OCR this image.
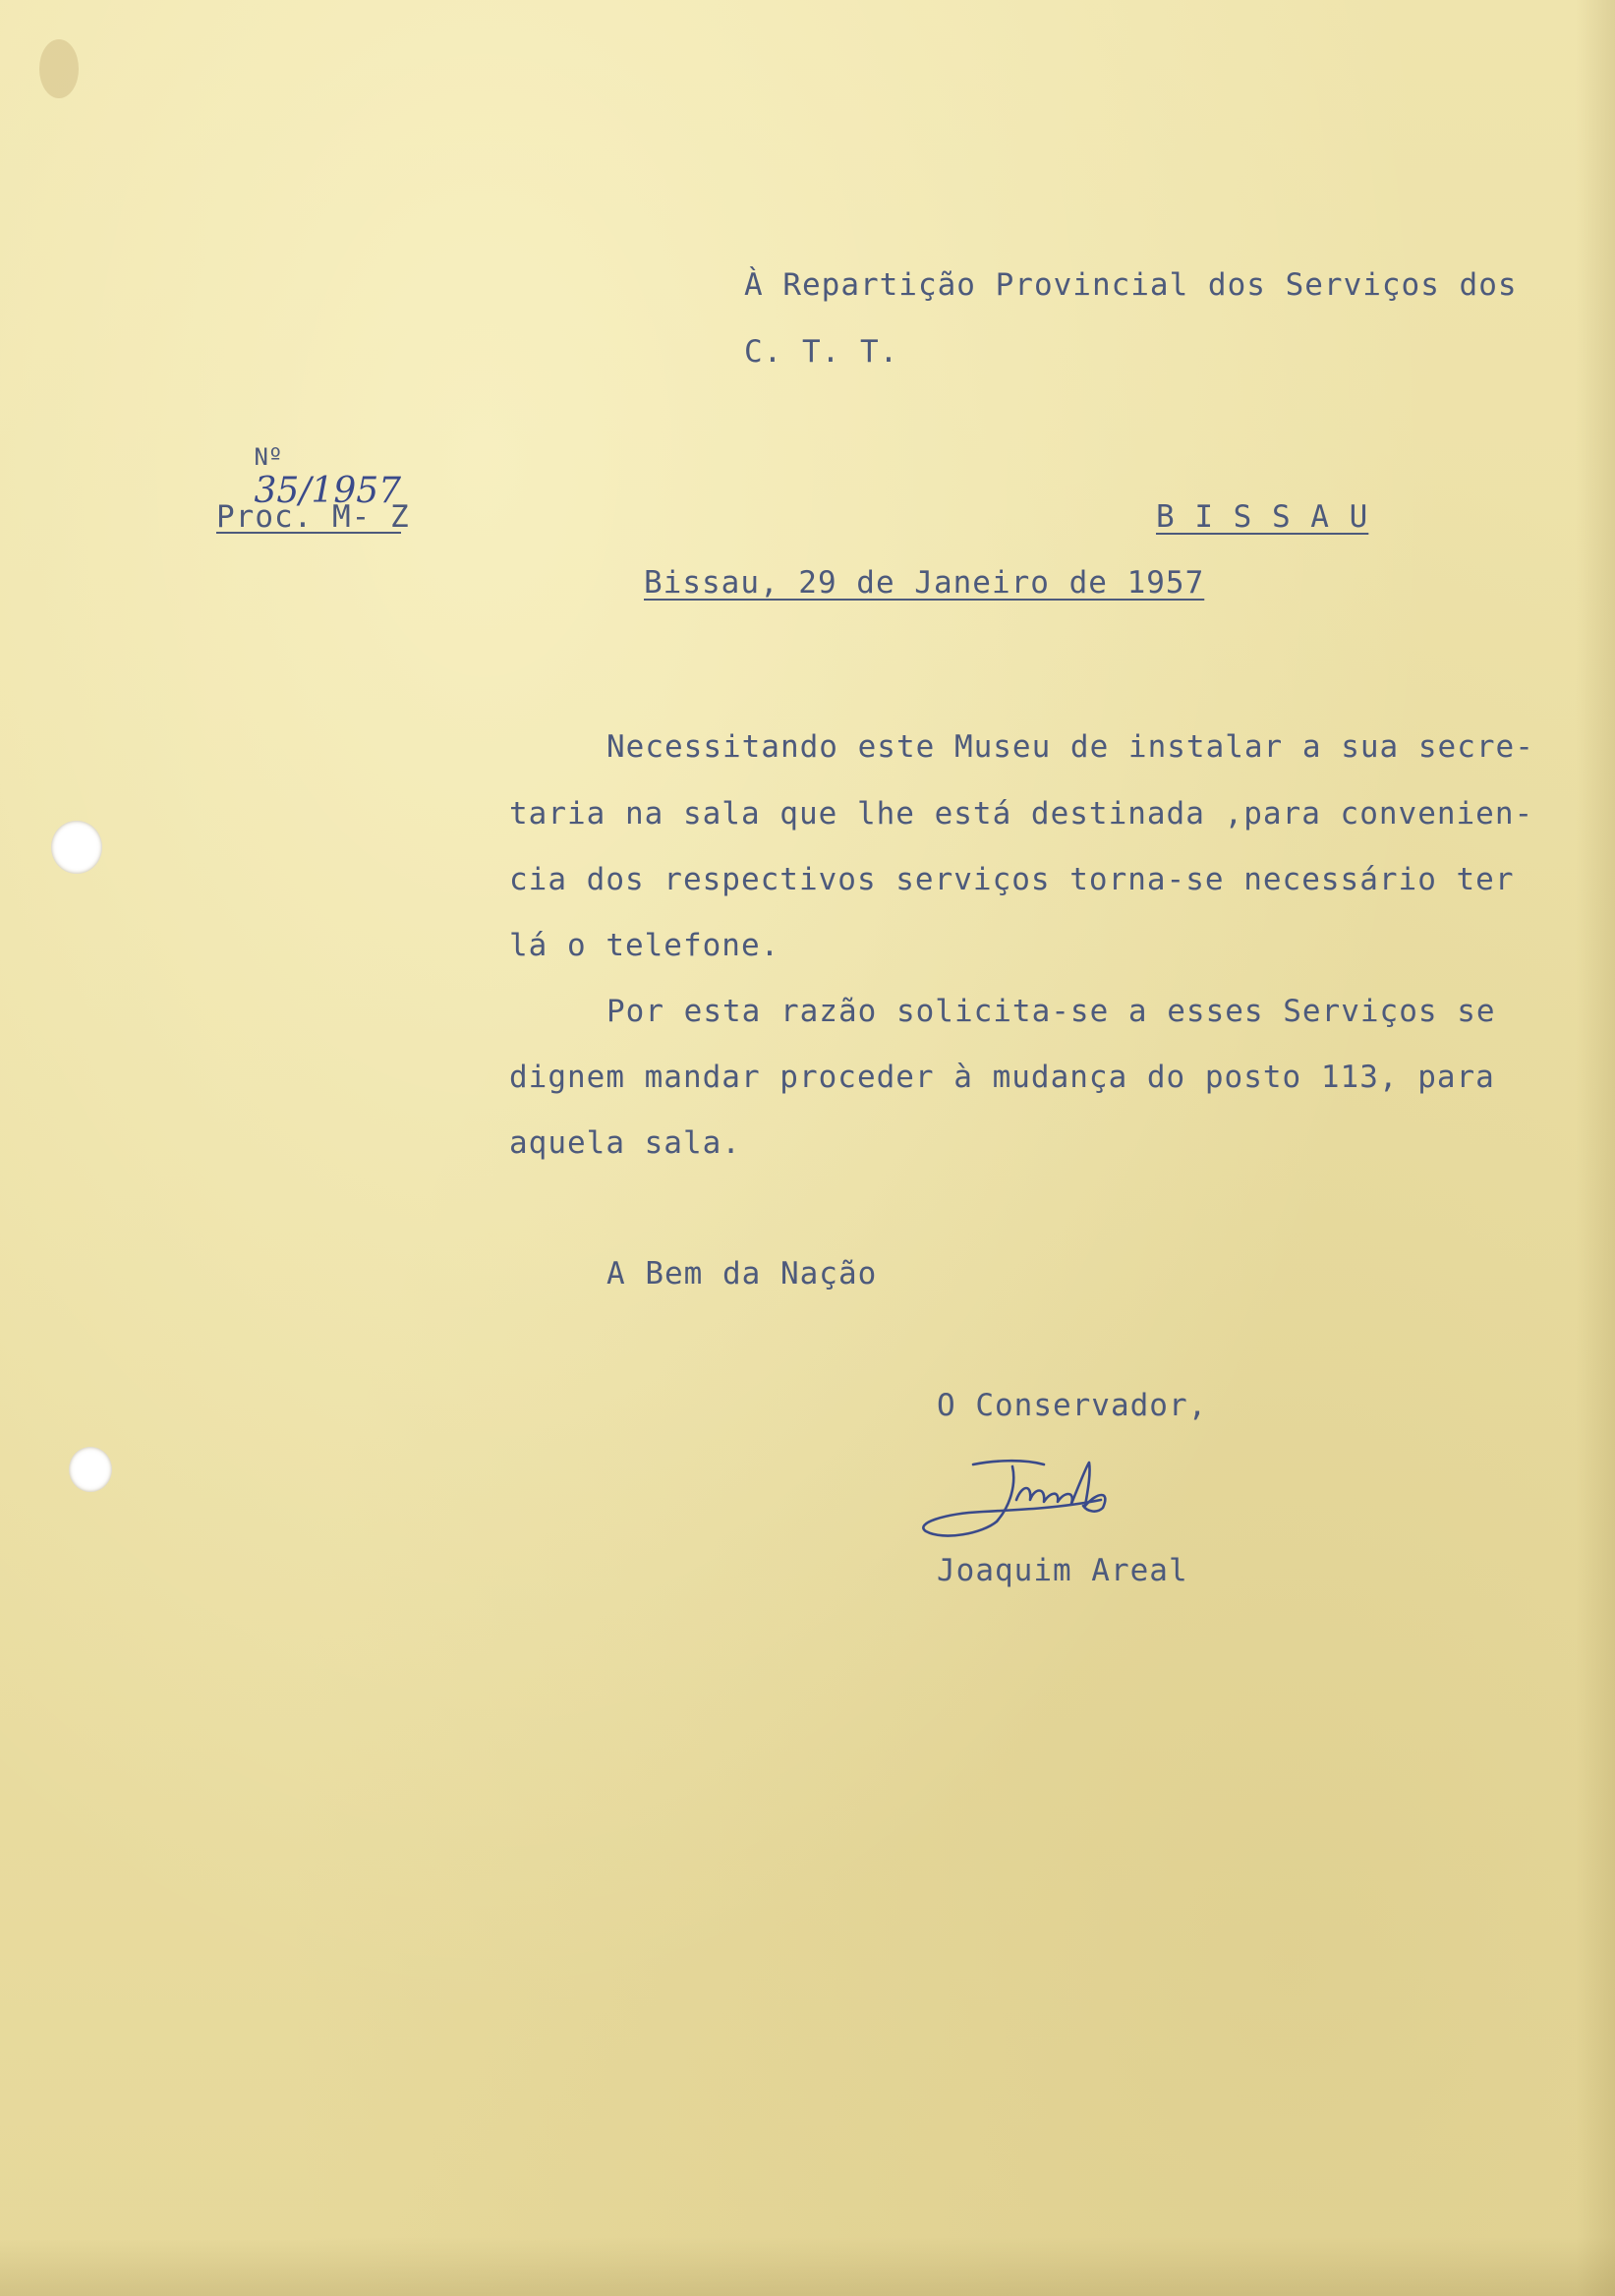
À Repartição Provincial dos Serviços dos

C. T. T.

Nº
35/1957

Proc. M- Z	B I S S A U

Bissau, 29 de Janeiro de 1957

Necessitando este Museu de instalar a sua secre-

taria na sala que lhe está destinada ,para convenien-

cia dos respectivos serviços torna-se necessário ter

lá o telefone.

Por esta razão solicita-se a esses Serviços se

dignem mandar proceder à mudança do posto 113, para

aquela sala.

A Bem da Nação

O Conservador,

Joaquim Areal
